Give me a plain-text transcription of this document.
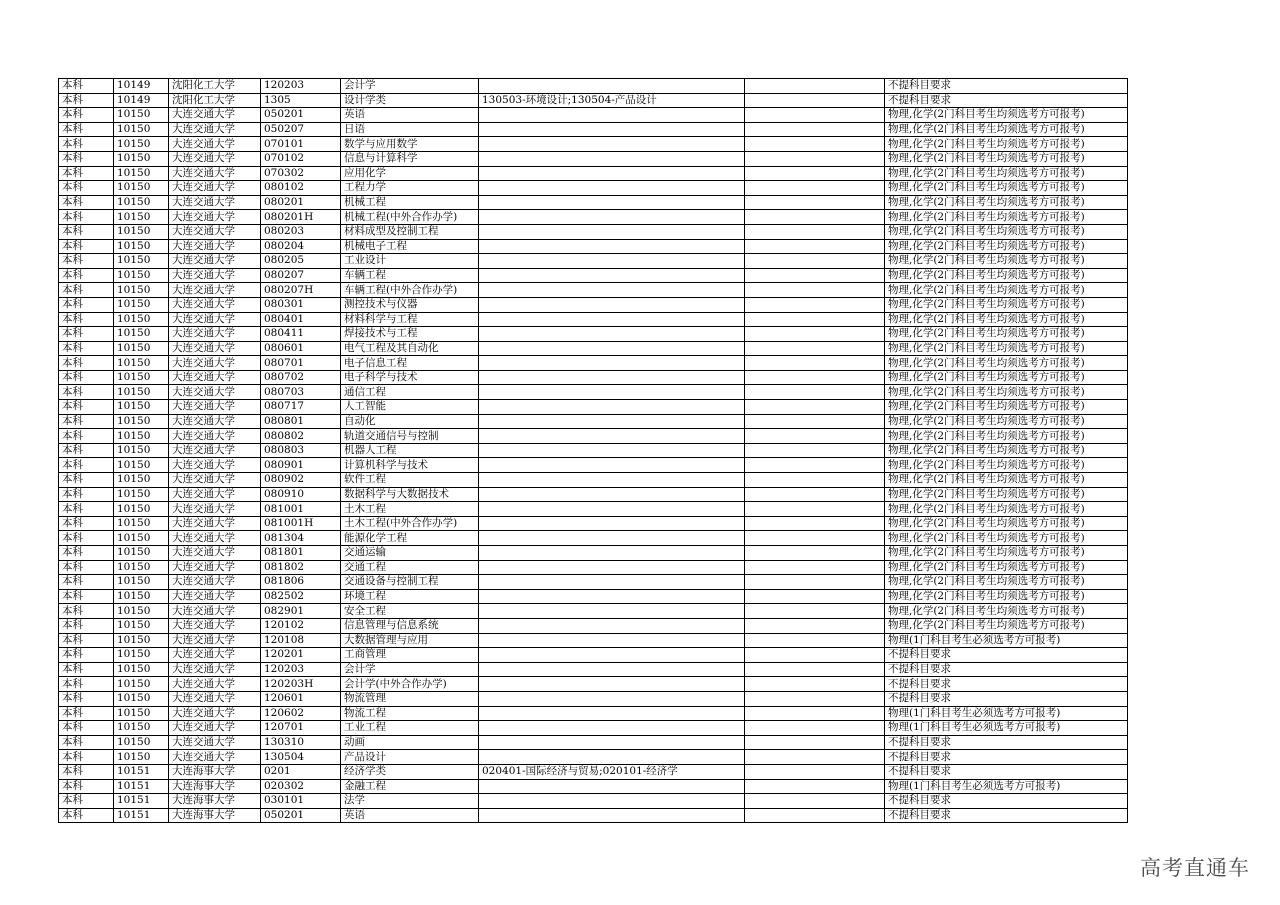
本科	10149	沈阳化工大学	120203	会计学			不提科目要求
本科	10149	沈阳化工大学	1305	设计学类	130503-环境设计;130504-产品设计		不提科目要求
本科	10150	大连交通大学	050201	英语			物理,化学(2门科目考生均须选考方可报考)
本科	10150	大连交通大学	050207	日语			物理,化学(2门科目考生均须选考方可报考)
本科	10150	大连交通大学	070101	数学与应用数学			物理,化学(2门科目考生均须选考方可报考)
本科	10150	大连交通大学	070102	信息与计算科学			物理,化学(2门科目考生均须选考方可报考)
本科	10150	大连交通大学	070302	应用化学			物理,化学(2门科目考生均须选考方可报考)
本科	10150	大连交通大学	080102	工程力学			物理,化学(2门科目考生均须选考方可报考)
本科	10150	大连交通大学	080201	机械工程			物理,化学(2门科目考生均须选考方可报考)
本科	10150	大连交通大学	080201H	机械工程(中外合作办学)			物理,化学(2门科目考生均须选考方可报考)
本科	10150	大连交通大学	080203	材料成型及控制工程			物理,化学(2门科目考生均须选考方可报考)
本科	10150	大连交通大学	080204	机械电子工程			物理,化学(2门科目考生均须选考方可报考)
本科	10150	大连交通大学	080205	工业设计			物理,化学(2门科目考生均须选考方可报考)
本科	10150	大连交通大学	080207	车辆工程			物理,化学(2门科目考生均须选考方可报考)
本科	10150	大连交通大学	080207H	车辆工程(中外合作办学)			物理,化学(2门科目考生均须选考方可报考)
本科	10150	大连交通大学	080301	测控技术与仪器			物理,化学(2门科目考生均须选考方可报考)
本科	10150	大连交通大学	080401	材料科学与工程			物理,化学(2门科目考生均须选考方可报考)
本科	10150	大连交通大学	080411	焊接技术与工程			物理,化学(2门科目考生均须选考方可报考)
本科	10150	大连交通大学	080601	电气工程及其自动化			物理,化学(2门科目考生均须选考方可报考)
本科	10150	大连交通大学	080701	电子信息工程			物理,化学(2门科目考生均须选考方可报考)
本科	10150	大连交通大学	080702	电子科学与技术			物理,化学(2门科目考生均须选考方可报考)
本科	10150	大连交通大学	080703	通信工程			物理,化学(2门科目考生均须选考方可报考)
本科	10150	大连交通大学	080717	人工智能			物理,化学(2门科目考生均须选考方可报考)
本科	10150	大连交通大学	080801	自动化			物理,化学(2门科目考生均须选考方可报考)
本科	10150	大连交通大学	080802	轨道交通信号与控制			物理,化学(2门科目考生均须选考方可报考)
本科	10150	大连交通大学	080803	机器人工程			物理,化学(2门科目考生均须选考方可报考)
本科	10150	大连交通大学	080901	计算机科学与技术			物理,化学(2门科目考生均须选考方可报考)
本科	10150	大连交通大学	080902	软件工程			物理,化学(2门科目考生均须选考方可报考)
本科	10150	大连交通大学	080910	数据科学与大数据技术			物理,化学(2门科目考生均须选考方可报考)
本科	10150	大连交通大学	081001	土木工程			物理,化学(2门科目考生均须选考方可报考)
本科	10150	大连交通大学	081001H	土木工程(中外合作办学)			物理,化学(2门科目考生均须选考方可报考)
本科	10150	大连交通大学	081304	能源化学工程			物理,化学(2门科目考生均须选考方可报考)
本科	10150	大连交通大学	081801	交通运输			物理,化学(2门科目考生均须选考方可报考)
本科	10150	大连交通大学	081802	交通工程			物理,化学(2门科目考生均须选考方可报考)
本科	10150	大连交通大学	081806	交通设备与控制工程			物理,化学(2门科目考生均须选考方可报考)
本科	10150	大连交通大学	082502	环境工程			物理,化学(2门科目考生均须选考方可报考)
本科	10150	大连交通大学	082901	安全工程			物理,化学(2门科目考生均须选考方可报考)
本科	10150	大连交通大学	120102	信息管理与信息系统			物理,化学(2门科目考生均须选考方可报考)
本科	10150	大连交通大学	120108	大数据管理与应用			物理(1门科目考生必须选考方可报考)
本科	10150	大连交通大学	120201	工商管理			不提科目要求
本科	10150	大连交通大学	120203	会计学			不提科目要求
本科	10150	大连交通大学	120203H	会计学(中外合作办学)			不提科目要求
本科	10150	大连交通大学	120601	物流管理			不提科目要求
本科	10150	大连交通大学	120602	物流工程			物理(1门科目考生必须选考方可报考)
本科	10150	大连交通大学	120701	工业工程			物理(1门科目考生必须选考方可报考)
本科	10150	大连交通大学	130310	动画			不提科目要求
本科	10150	大连交通大学	130504	产品设计			不提科目要求
本科	10151	大连海事大学	0201	经济学类	020401-国际经济与贸易;020101-经济学		不提科目要求
本科	10151	大连海事大学	020302	金融工程			物理(1门科目考生必须选考方可报考)
本科	10151	大连海事大学	030101	法学			不提科目要求
本科	10151	大连海事大学	050201	英语			不提科目要求
高考直通车
